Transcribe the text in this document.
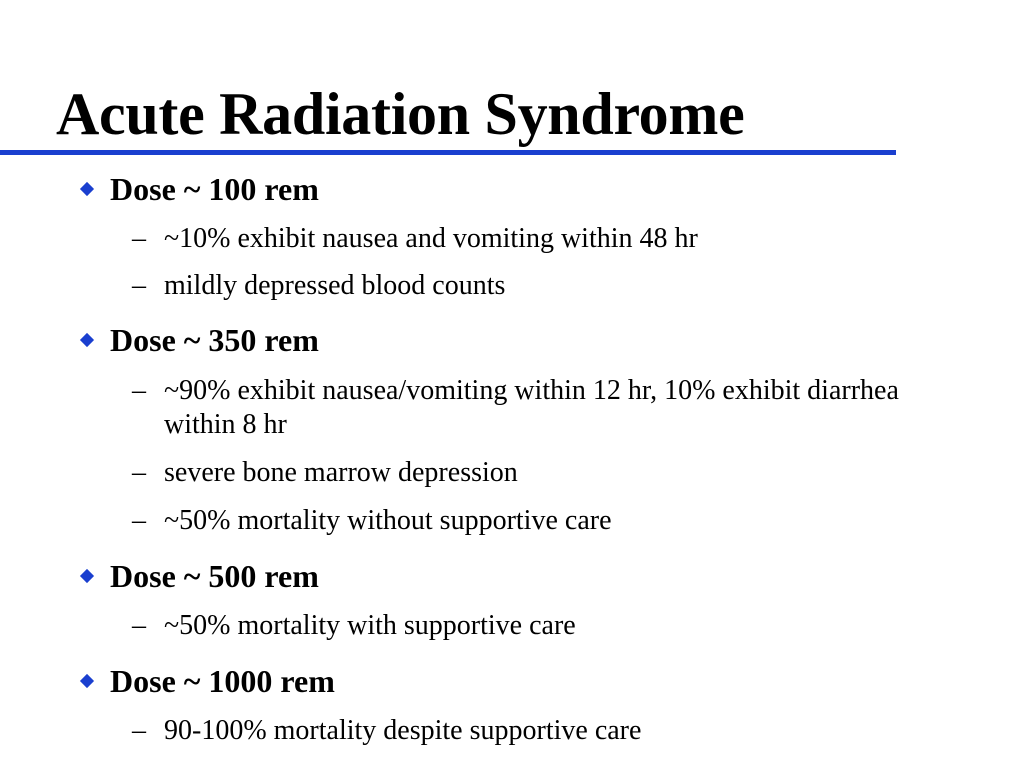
Acute Radiation Syndrome
Dose ~ 100 rem
– ~10% exhibit nausea and vomiting within 48 hr
– mildly depressed blood counts
Dose ~ 350 rem
– ~90% exhibit nausea/vomiting within 12 hr, 10% exhibit diarrhea within 8 hr
– severe bone marrow depression
– ~50% mortality without supportive care
Dose ~ 500 rem
– ~50% mortality with supportive care
Dose ~ 1000 rem
– 90-100% mortality despite supportive care
